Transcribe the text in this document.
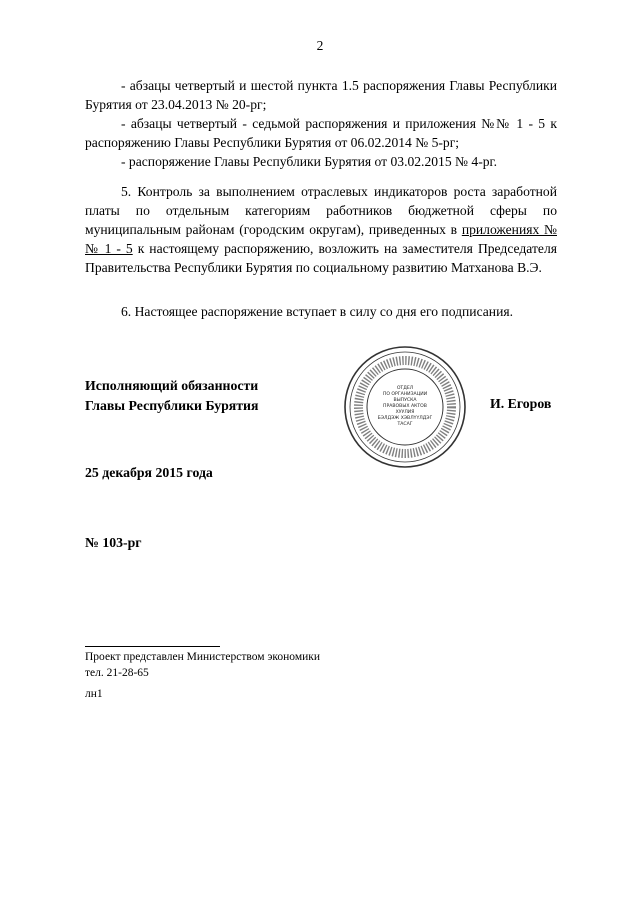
2

- абзацы четвертый и шестой пункта 1.5 распоряжения Главы Республики Бурятия от 23.04.2013 № 20-рг;

- абзацы четвертый - седьмой распоряжения и приложения №№ 1 - 5 к распоряжению Главы Республики Бурятия от 06.02.2014 № 5-рг;

- распоряжение Главы Республики Бурятия от 03.02.2015 № 4-рг.

5. Контроль за выполнением отраслевых индикаторов роста заработной платы по отдельным категориям работников бюджетной сферы по муниципальным районам (городским округам), приведенных в приложениях №№ 1 - 5 к настоящему распоряжению, возложить на заместителя Председателя Правительства Республики Бурятия по социальному развитию Матханова В.Э.

6. Настоящее распоряжение вступает в силу со дня его подписания.

Исполняющий обязанности
Главы Республики Бурятия
ОТДЕЛ
ПО ОРГАНИЗАЦИИ
ВЫПУСКА
ПРАВОВЫХ АКТОВ
ХУУЛИЯ
БЭЛДЭЖ ХЭВЛҮҮЛДЭГ
ТАСАГ
И. Егоров
25 декабря 2015 года
№ 103-рг
Проект представлен Министерством экономики
тел. 21-28-65
лн1
